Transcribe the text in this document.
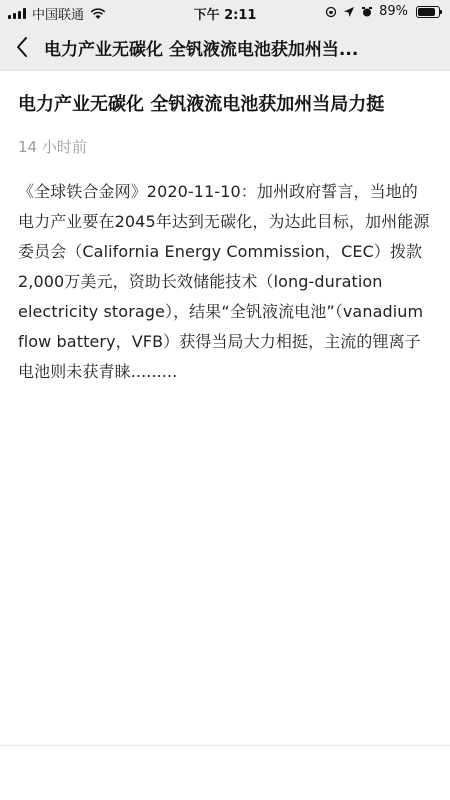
中国联通	下午 2:11	89%
电力产业无碳化 全钒液流电池获加州当...
电力产业无碳化 全钒液流电池获加州当局力挺
14 小时前
《全球铁合金网》2020-11-10：加州政府誓言，当地的电力产业要在2045年达到无碳化，为达此目标，加州能源委员会（California Energy Commission，CEC）拨款2,000万美元，资助长效储能技术（long-duration electricity storage），结果“全钒液流电池”（vanadium flow battery，VFB）获得当局大力相挺，主流的锂离子电池则未获青睐.........
